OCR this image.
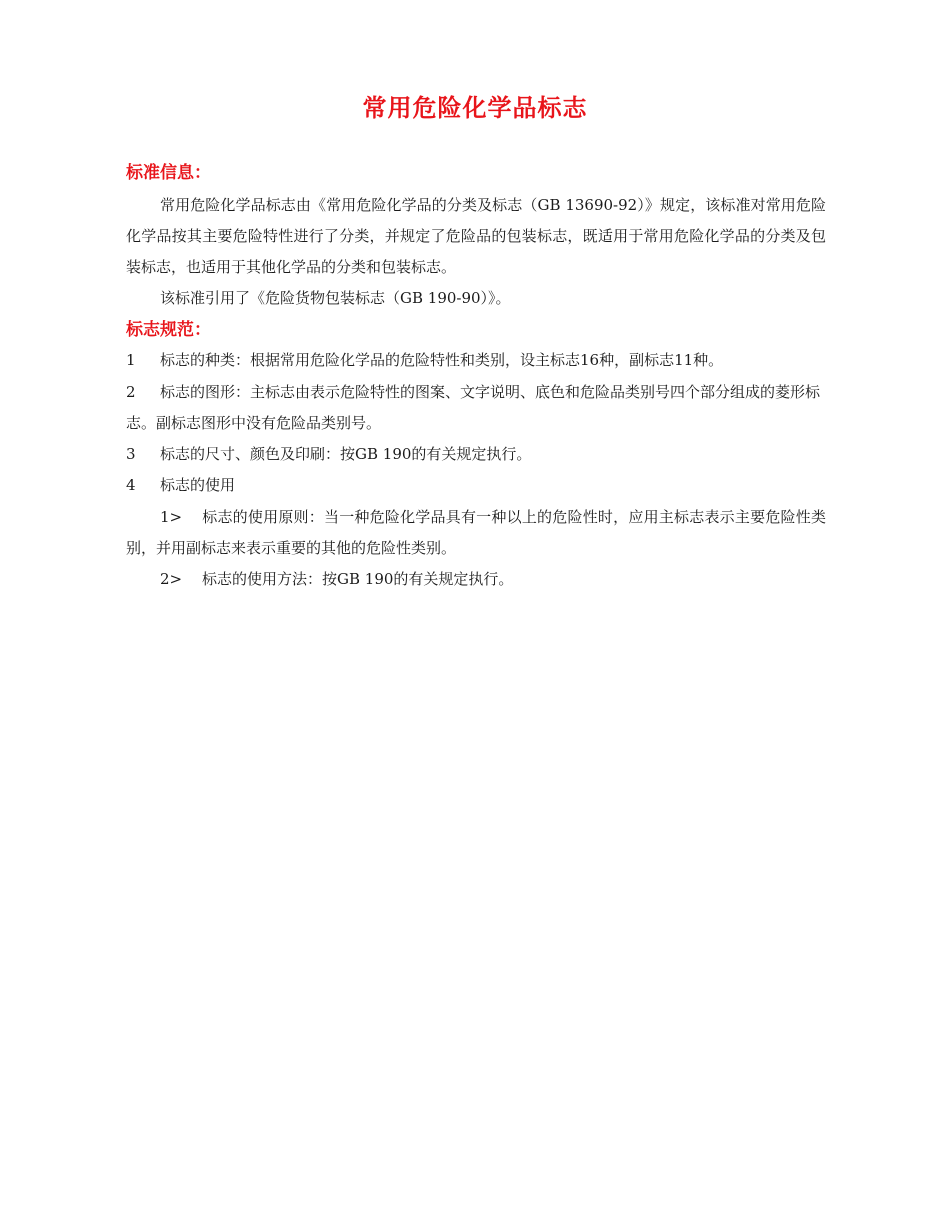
常用危险化学品标志
标准信息：
常用危险化学品标志由《常用危险化学品的分类及标志（GB 13690-92）》规定，该标准对常用危险化学品按其主要危险特性进行了分类，并规定了危险品的包装标志，既适用于常用危险化学品的分类及包装标志，也适用于其他化学品的分类和包装标志。
该标准引用了《危险货物包装标志（GB 190-90）》。
标志规范：
1 标志的种类：根据常用危险化学品的危险特性和类别，设主标志16种，副标志11种。
2 标志的图形：主标志由表示危险特性的图案、文字说明、底色和危险品类别号四个部分组成的菱形标志。副标志图形中没有危险品类别号。
3 标志的尺寸、颜色及印刷：按GB 190的有关规定执行。
4 标志的使用
1> 标志的使用原则：当一种危险化学品具有一种以上的危险性时，应用主标志表示主要危险性类别，并用副标志来表示重要的其他的危险性类别。
2> 标志的使用方法：按GB 190的有关规定执行。
